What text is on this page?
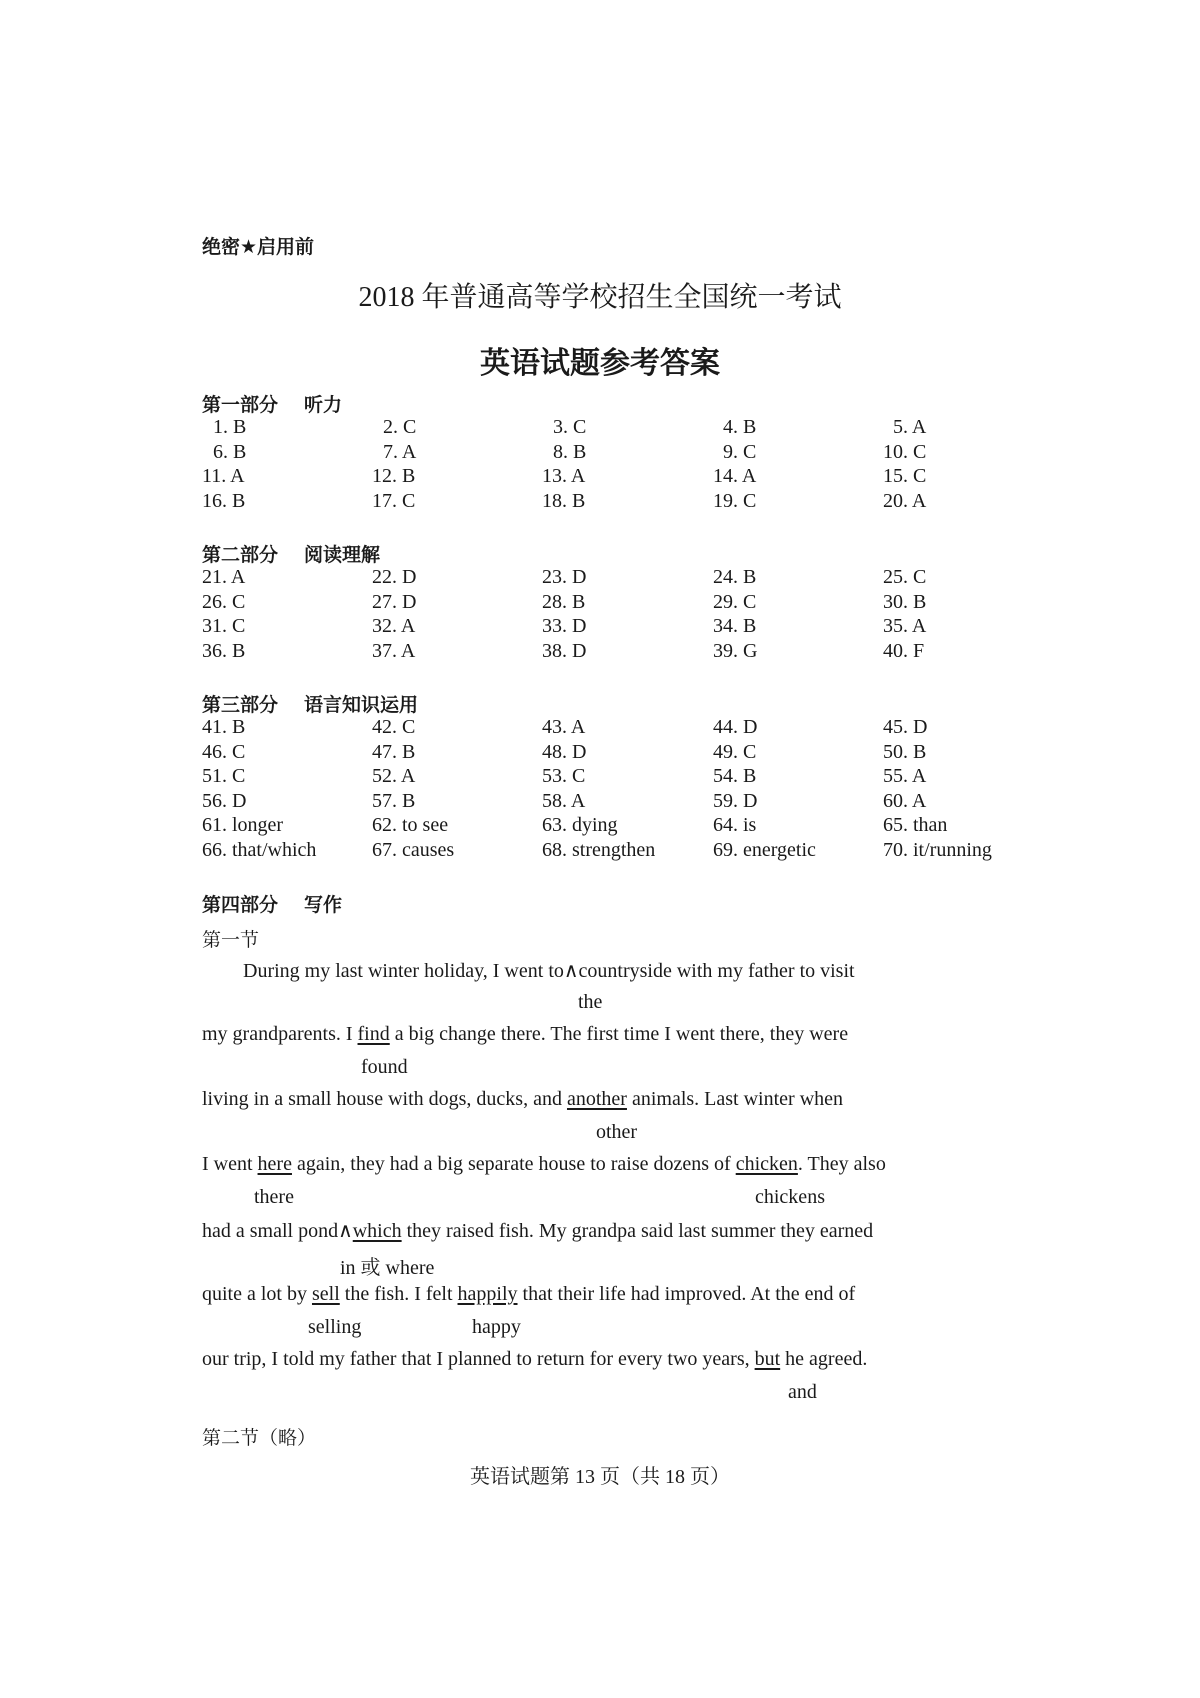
绝密★启用前
2018 年普通高等学校招生全国统一考试
英语试题参考答案
第一部分 听力
1. B	2. C	3. C	4. B	5. A
6. B	7. A	8. B	9. C	10. C
11. A	12. B	13. A	14. A	15. C
16. B	17. C	18. B	19. C	20. A
第二部分 阅读理解
21. A	22. D	23. D	24. B	25. C
26. C	27. D	28. B	29. C	30. B
31. C	32. A	33. D	34. B	35. A
36. B	37. A	38. D	39. G	40. F
第三部分 语言知识运用
41. B	42. C	43. A	44. D	45. D
46. C	47. B	48. D	49. C	50. B
51. C	52. A	53. C	54. B	55. A
56. D	57. B	58. A	59. D	60. A
61. longer	62. to see	63. dying	64. is	65. than
66. that/which	67. causes	68. strengthen	69. energetic	70. it/running
第四部分 写作
第一节
During my last winter holiday, I went to∧countryside with my father to visit
the
my grandparents. I find a big change there. The first time I went there, they were
found
living in a small house with dogs, ducks, and another animals. Last winter when
other
I went here again, they had a big separate house to raise dozens of chicken. They also
there	chickens
had a small pond∧which they raised fish. My grandpa said last summer they earned
in 或 where
quite a lot by sell the fish. I felt happily that their life had improved. At the end of
selling	happy
our trip, I told my father that I planned to return for every two years, but he agreed.
and
第二节（略）
英语试题第 13 页（共 18 页）
